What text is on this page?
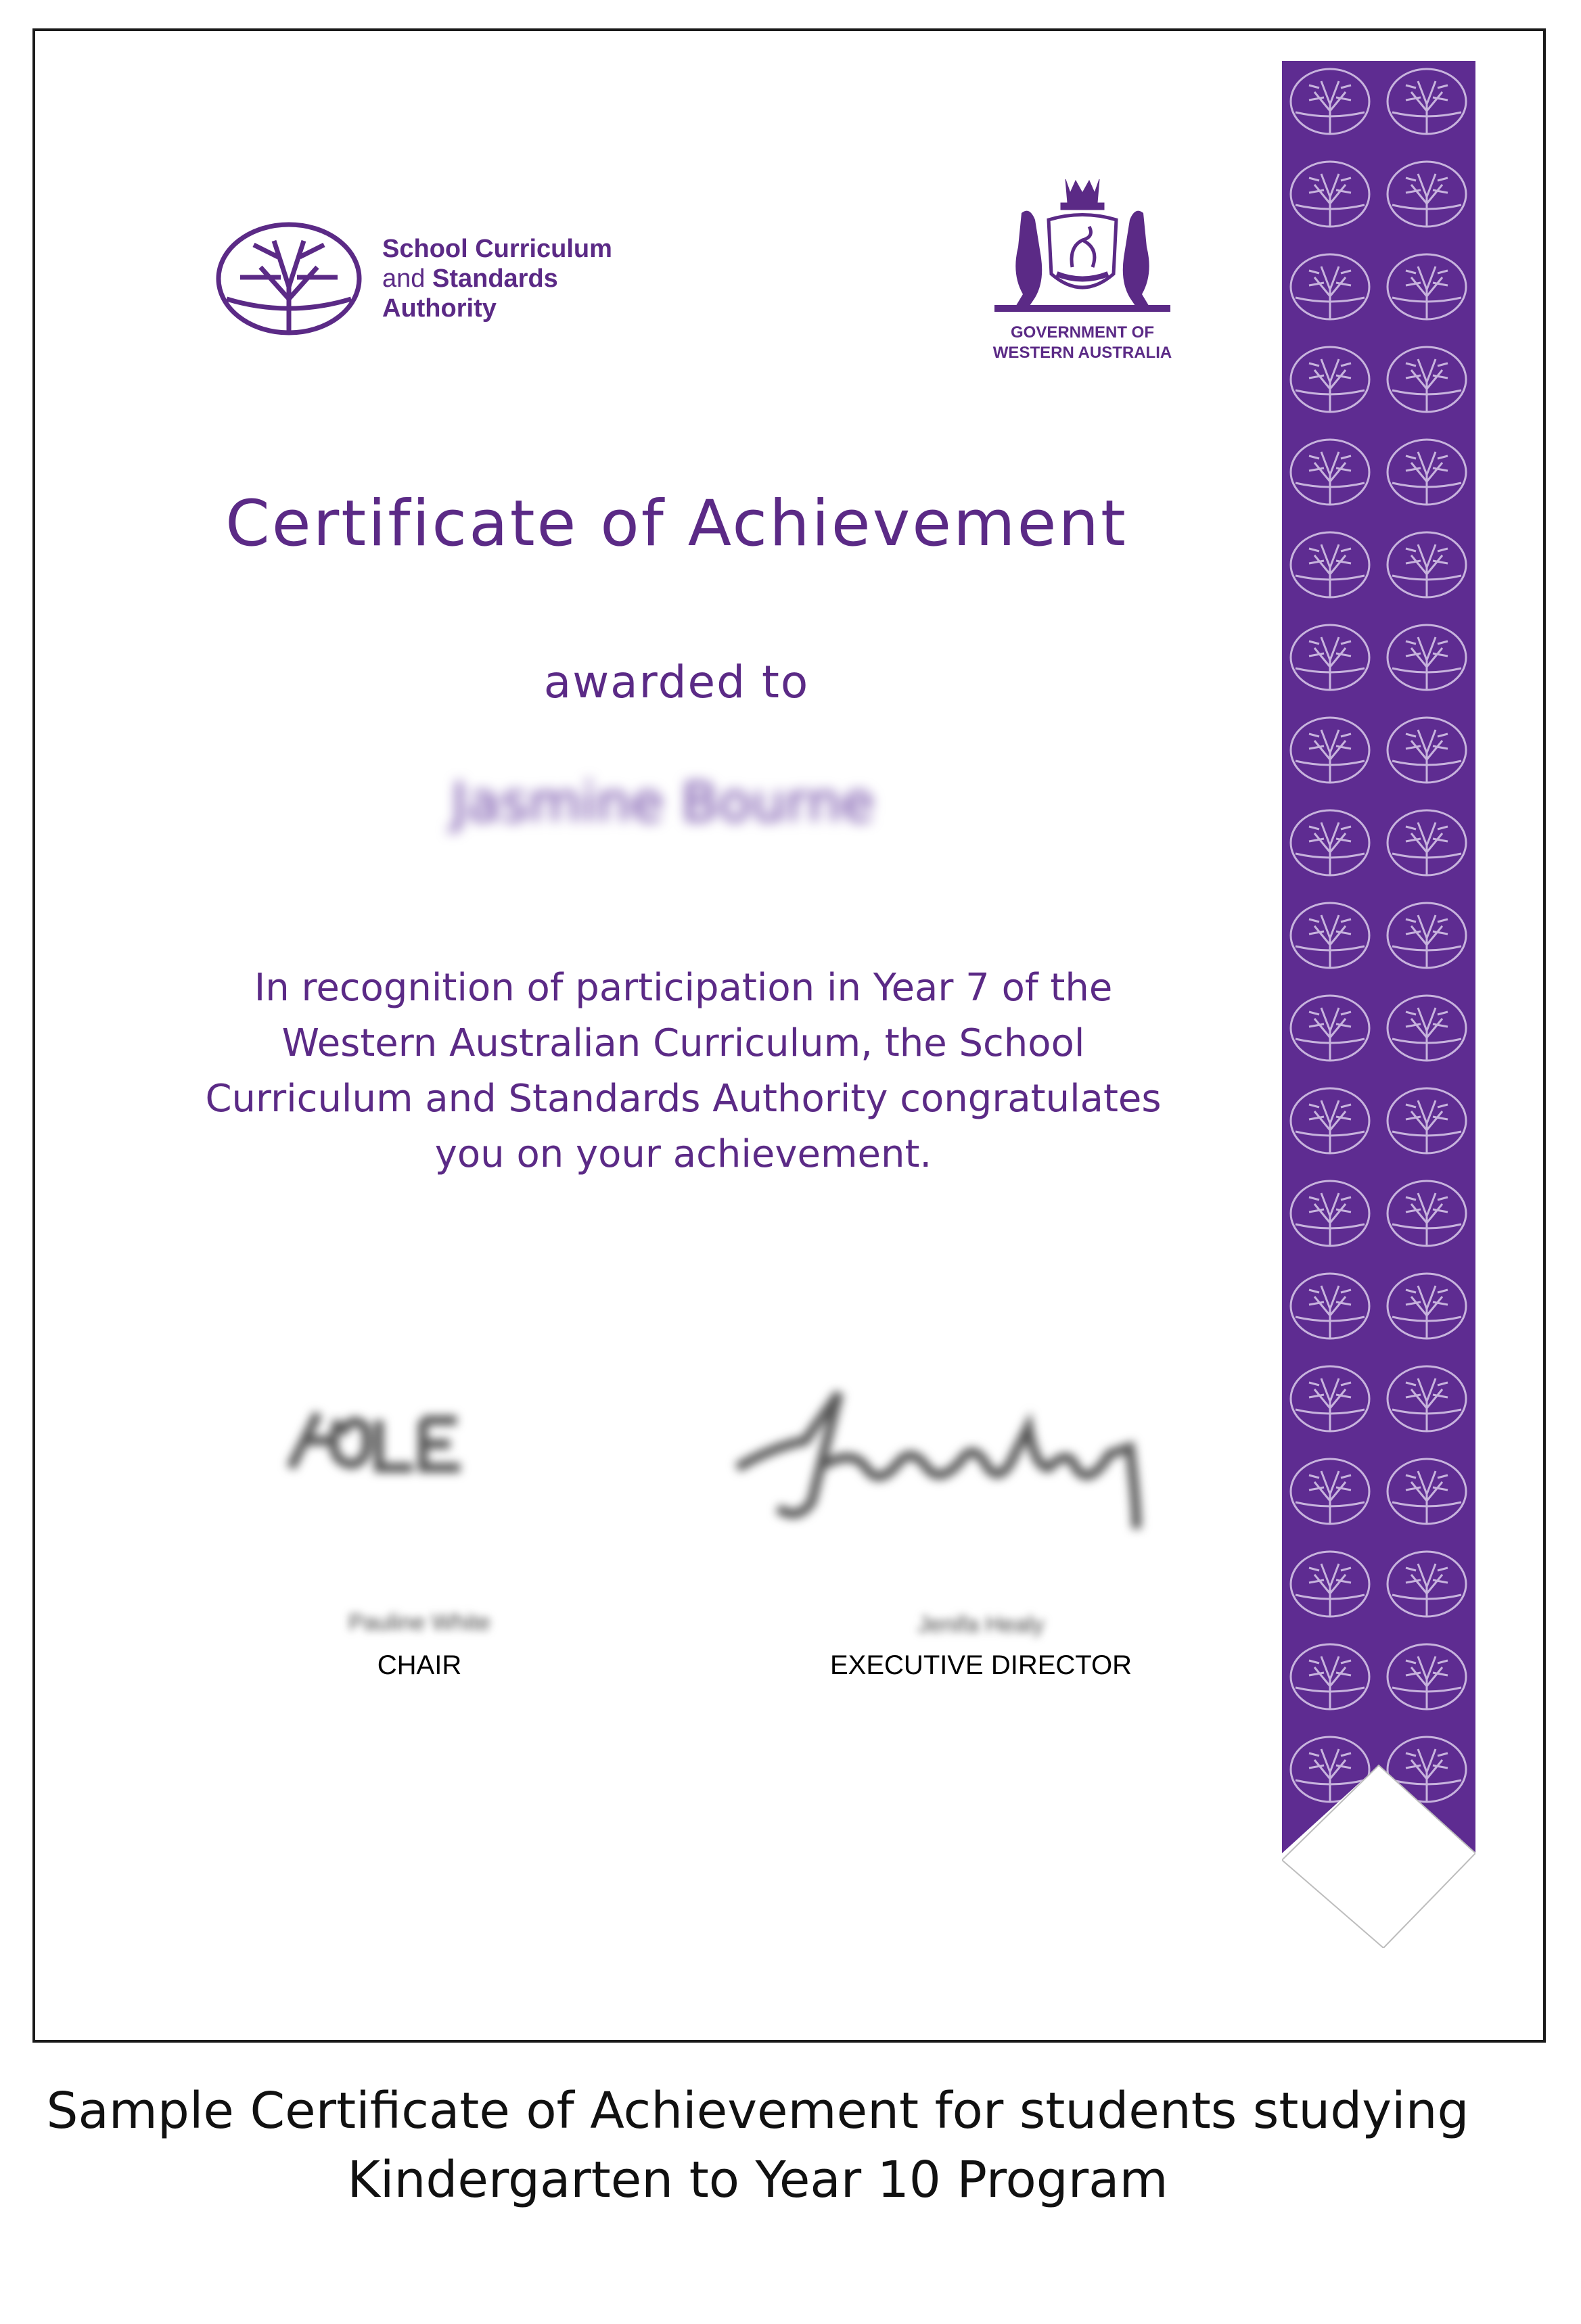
School Curriculum
and Standards
Authority
GOVERNMENT OF
WESTERN AUSTRALIA
Certificate of Achievement
awarded to
Jasmine Bourne
In recognition of participation in Year 7 of the
Western Australian Curriculum, the School
Curriculum and Standards Authority congratulates
you on your achievement.
Pauline White	Jenifa Healy
CHAIR	EXECUTIVE DIRECTOR
Sample Certificate of Achievement for students studying
Kindergarten to Year 10 Program
